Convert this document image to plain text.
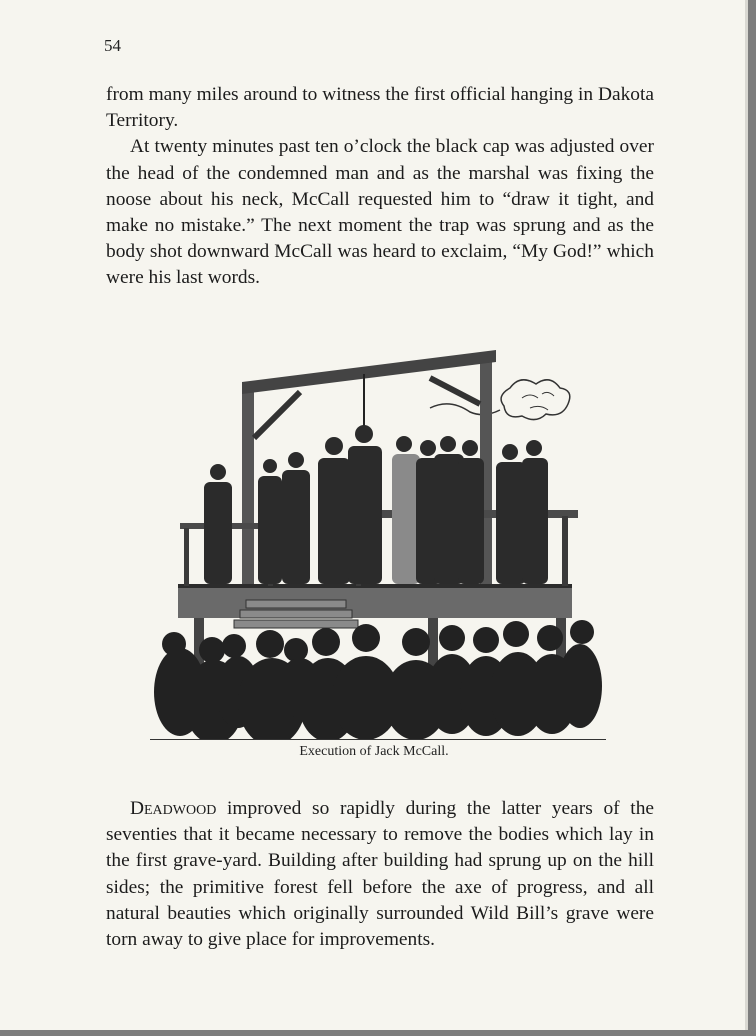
54

from many miles around to witness the first official hanging in Dakota Territory.

At twenty minutes past ten o’clock the black cap was adjusted over the head of the condemned man and as the marshal was fixing the noose about his neck, McCall requested him to “draw it tight, and make no mistake.” The next moment the trap was sprung and as the body shot downward McCall was heard to exclaim, “My God!” which were his last words.

Execution of Jack McCall.

Deadwood improved so rapidly during the latter years of the seventies that it became necessary to remove the bodies which lay in the first grave-yard. Building after building had sprung up on the hill sides; the primitive forest fell before the axe of progress, and all natural beauties which originally surrounded Wild Bill’s grave were torn away to give place for improvements.
